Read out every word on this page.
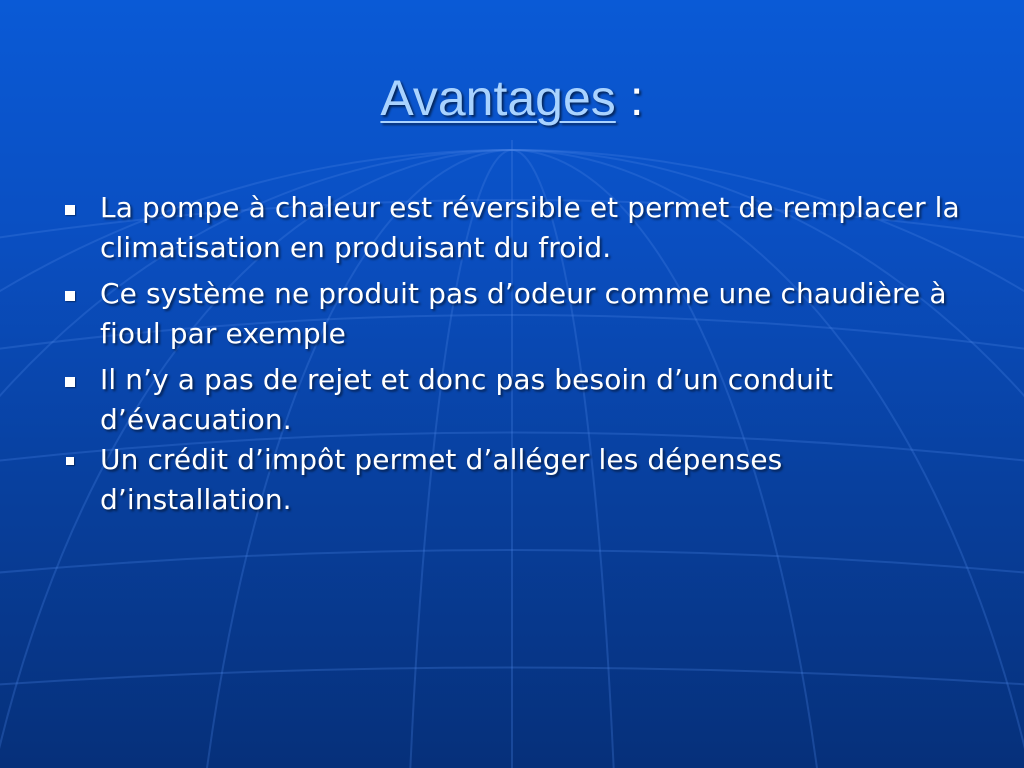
Avantages :
La pompe à chaleur est réversible et permet de remplacer la climatisation en produisant du froid.
Ce système ne produit pas d’odeur comme une chaudière à fioul par exemple
Il n’y a pas de rejet et donc pas besoin d’un conduit d’évacuation.
Un crédit d’impôt permet d’alléger les dépenses d’installation.
